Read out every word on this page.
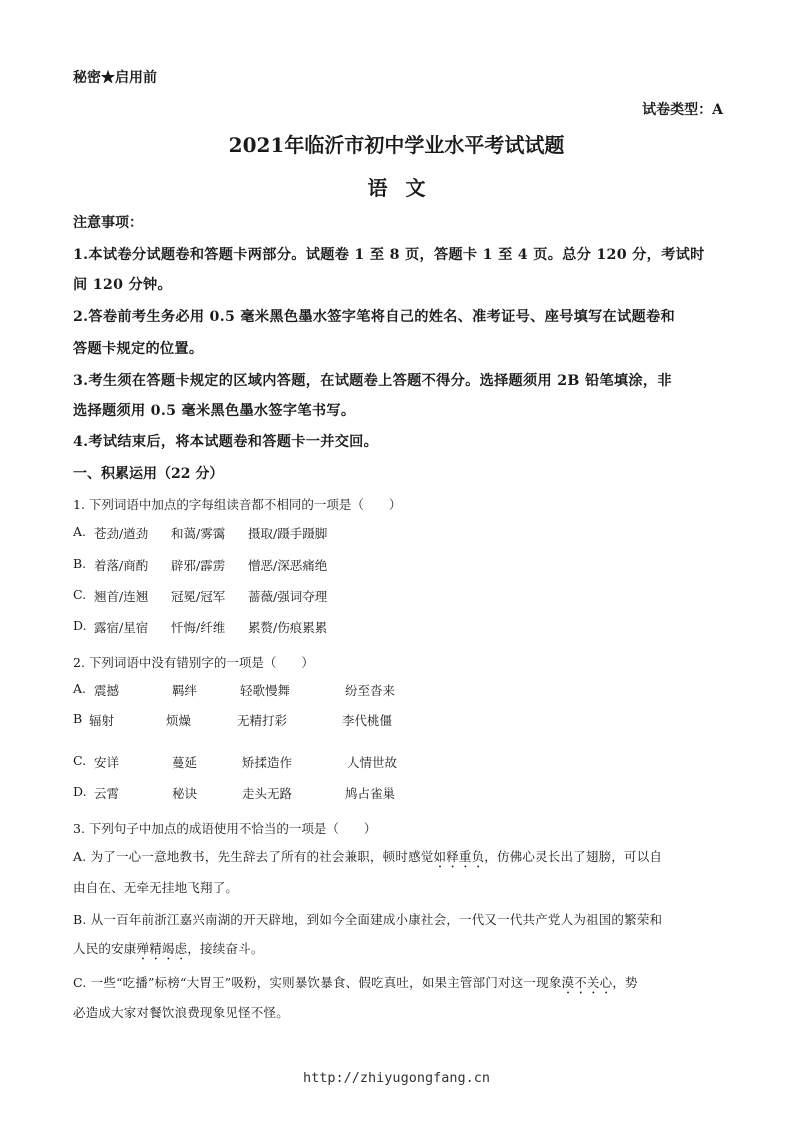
秘密★启用前
试卷类型：A
2021年临沂市初中学业水平考试试题
语文
注意事项：
1.本试卷分试题卷和答题卡两部分。试题卷 1 至 8 页，答题卡 1 至 4 页。总分 120 分，考试时
间 120 分钟。
2.答卷前考生务必用 0.5 毫米黑色墨水签字笔将自己的姓名、准考证号、座号填写在试题卷和
答题卡规定的位置。
3.考生须在答题卡规定的区域内答题，在试题卷上答题不得分。选择题须用 2B 铅笔填涂，非
选择题须用 0.5 毫米黑色墨水签字笔书写。
4.考试结束后，将本试题卷和答题卡一并交回。
一、积累运用（22 分）
1. 下列词语中加点的字每组读音都不相同的一项是（　　）
A. 苍劲/遒劲 和蔼/雾霭 摄取/蹑手蹑脚
B. 着落/商酌 辟邪/霹雳 憎恶/深恶痛绝
C. 翘首/连翘 冠冕/冠军 蔷薇/强词夺理
D. 露宿/星宿 忏悔/纤维 累赘/伤痕累累
2. 下列词语中没有错别字的一项是（　　）
A. 震撼	羁绊	轻歌慢舞	纷至沓来
B 辐射	烦燥	无精打彩	李代桃僵
C. 安详	蔓延	矫揉造作	人情世故
D. 云霄	秘诀	走头无路	鸠占雀巢
3. 下列句子中加点的成语使用不恰当的一项是（　　）
A. 为了一心一意地教书，先生辞去了所有的社会兼职，顿时感觉如释重负，仿佛心灵长出了翅膀，可以自
由自在、无牵无挂地飞翔了。
B. 从一百年前浙江嘉兴南湖的开天辟地，到如今全面建成小康社会，一代又一代共产党人为祖国的繁荣和
人民的安康殚精竭虑，接续奋斗。
C. 一些“吃播”标榜“大胃王”吸粉，实则暴饮暴食、假吃真吐，如果主管部门对这一现象漠不关心，势
必造成大家对餐饮浪费现象见怪不怪。
http://zhiyugongfang.cn
